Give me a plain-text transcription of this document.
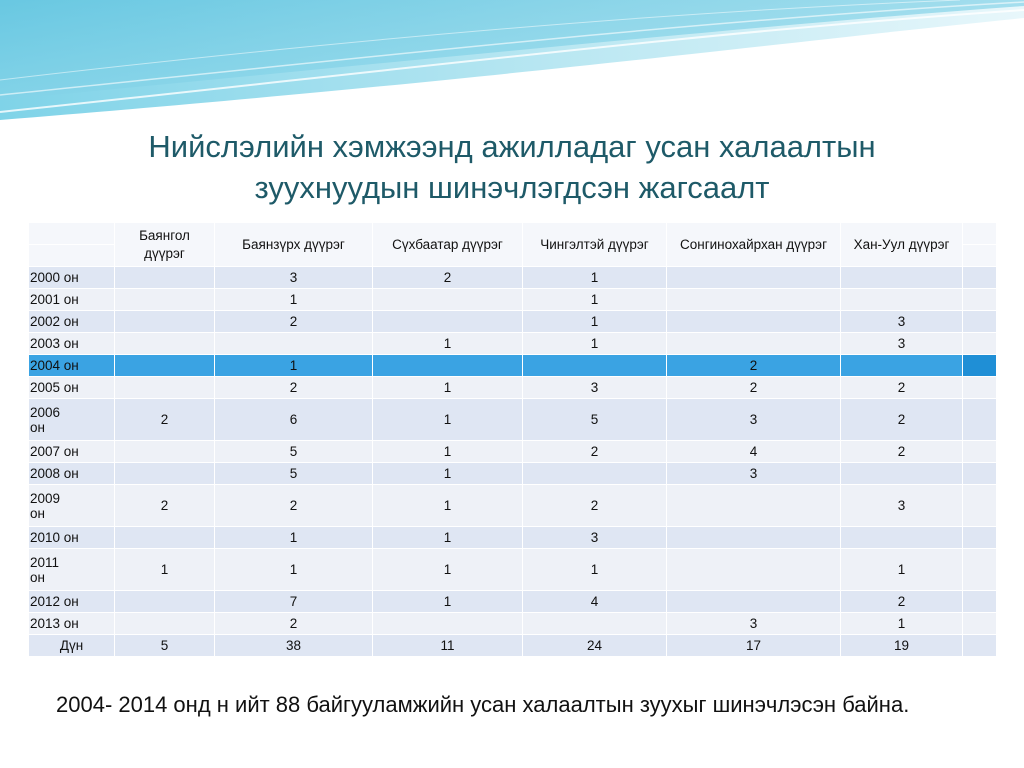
Нийслэлийн хэмжээнд ажилладаг усан халаалтын
зуухнуудын шинэчлэгдсэн жагсаалт
	Баянгол дүүрэг	Баянзүрх дүүрэг	Сүхбаатар дүүрэг	Чингэлтэй дүүрэг	Сонгинохайрхан дүүрэг	Хан-Уул дүүрэг	

2000 он		3	2	1			
2001 он		1		1			
2002 он		2		1		3	
2003 он			1	1		3	
2004 он		1			2		
2005 он		2	1	3	2	2	
2006 он	2	6	1	5	3	2	
2007 он		5	1	2	4	2	
2008 он		5	1		3		
2009 он	2	2	1	2		3	
2010 он		1	1	3			
2011 он	1	1	1	1		1	
2012 он		7	1	4		2	
2013 он		2			3	1	
Дүн	5	38	11	24	17	19	
2004- 2014 онд н ийт 88 байгууламжийн усан халаалтын зуухыг шинэчлэсэн байна.
